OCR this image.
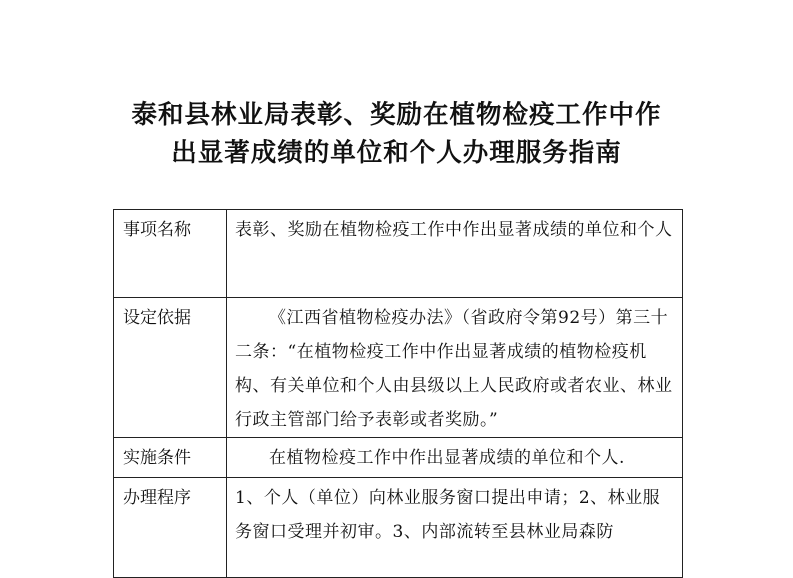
泰和县林业局表彰、奖励在植物检疫工作中作
出显著成绩的单位和个人办理服务指南
事项名称	表彰、奖励在植物检疫工作中作出显著成绩的单位和个人
设定依据	《江西省植物检疫办法》（省政府令第92号）第三十二条：“在植物检疫工作中作出显著成绩的植物检疫机构、有关单位和个人由县级以上人民政府或者农业、林业行政主管部门给予表彰或者奖励。”

实施条件	在植物检疫工作中作出显著成绩的单位和个人.

办理程序	1、个人（单位）向林业服务窗口提出申请；2、林业服务窗口受理并初审。3、内部流转至县林业局森防
